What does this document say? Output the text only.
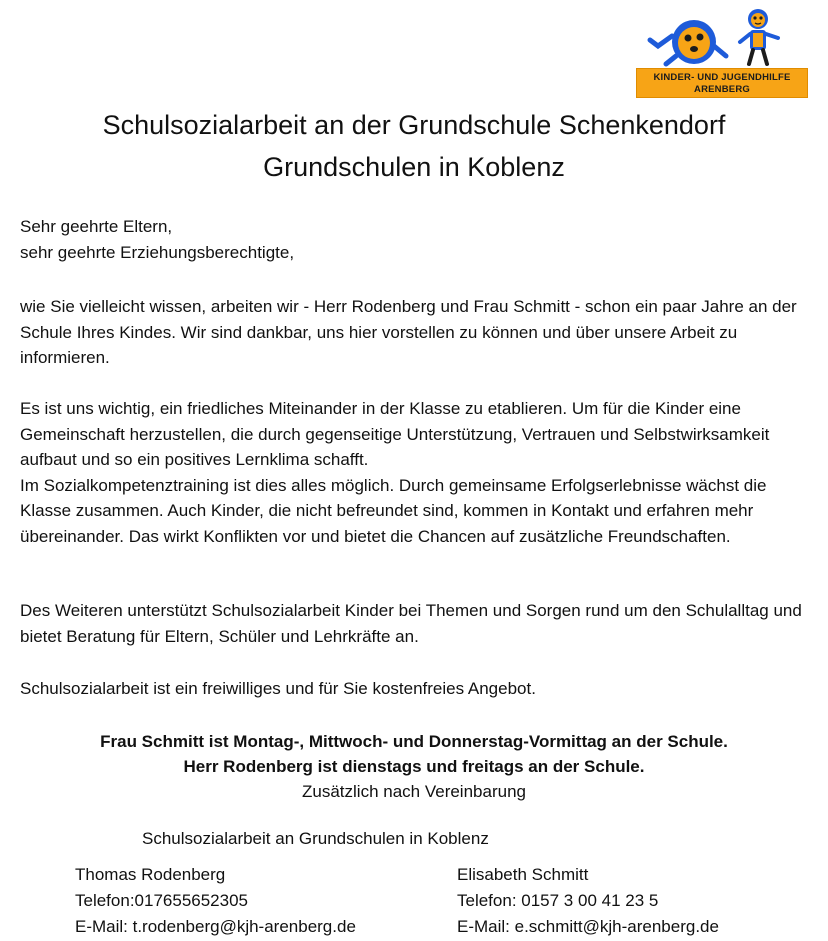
KINDER- UND JUGENDHILFE
ARENBERG
Schulsozialarbeit an der Grundschule Schenkendorf
Grundschulen in Koblenz

Sehr geehrte Eltern,

sehr geehrte Erziehungsberechtigte,

wie Sie vielleicht wissen, arbeiten wir - Herr Rodenberg und Frau Schmitt - schon ein paar Jahre an der Schule Ihres Kindes. Wir sind dankbar, uns hier vorstellen zu können und über unsere Arbeit zu informieren.

Es ist uns wichtig, ein friedliches Miteinander in der Klasse zu etablieren. Um für die Kinder eine Gemeinschaft herzustellen, die durch gegenseitige Unterstützung, Vertrauen und Selbstwirksamkeit aufbaut und so ein positives Lernklima schafft.

Im Sozialkompetenztraining ist dies alles möglich. Durch gemeinsame Erfolgserlebnisse wächst die Klasse zusammen. Auch Kinder, die nicht befreundet sind, kommen in Kontakt und erfahren mehr übereinander. Das wirkt Konflikten vor und bietet die Chancen auf zusätzliche Freundschaften.

Des Weiteren unterstützt Schulsozialarbeit Kinder bei Themen und Sorgen rund um den Schulalltag und bietet Beratung für Eltern, Schüler und Lehrkräfte an.

Schulsozialarbeit ist ein freiwilliges und für Sie kostenfreies Angebot.

Frau Schmitt ist Montag-, Mittwoch- und Donnerstag-Vormittag an der Schule.
Herr Rodenberg ist dienstags und freitags an der Schule.
Zusätzlich nach Vereinbarung
Schulsozialarbeit an Grundschulen in Koblenz
Thomas Rodenberg
Telefon:017655652305
E-Mail: t.rodenberg@kjh-arenberg.de
Elisabeth Schmitt
Telefon: 0157 3 00 41 23 5
E-Mail: e.schmitt@kjh-arenberg.de
